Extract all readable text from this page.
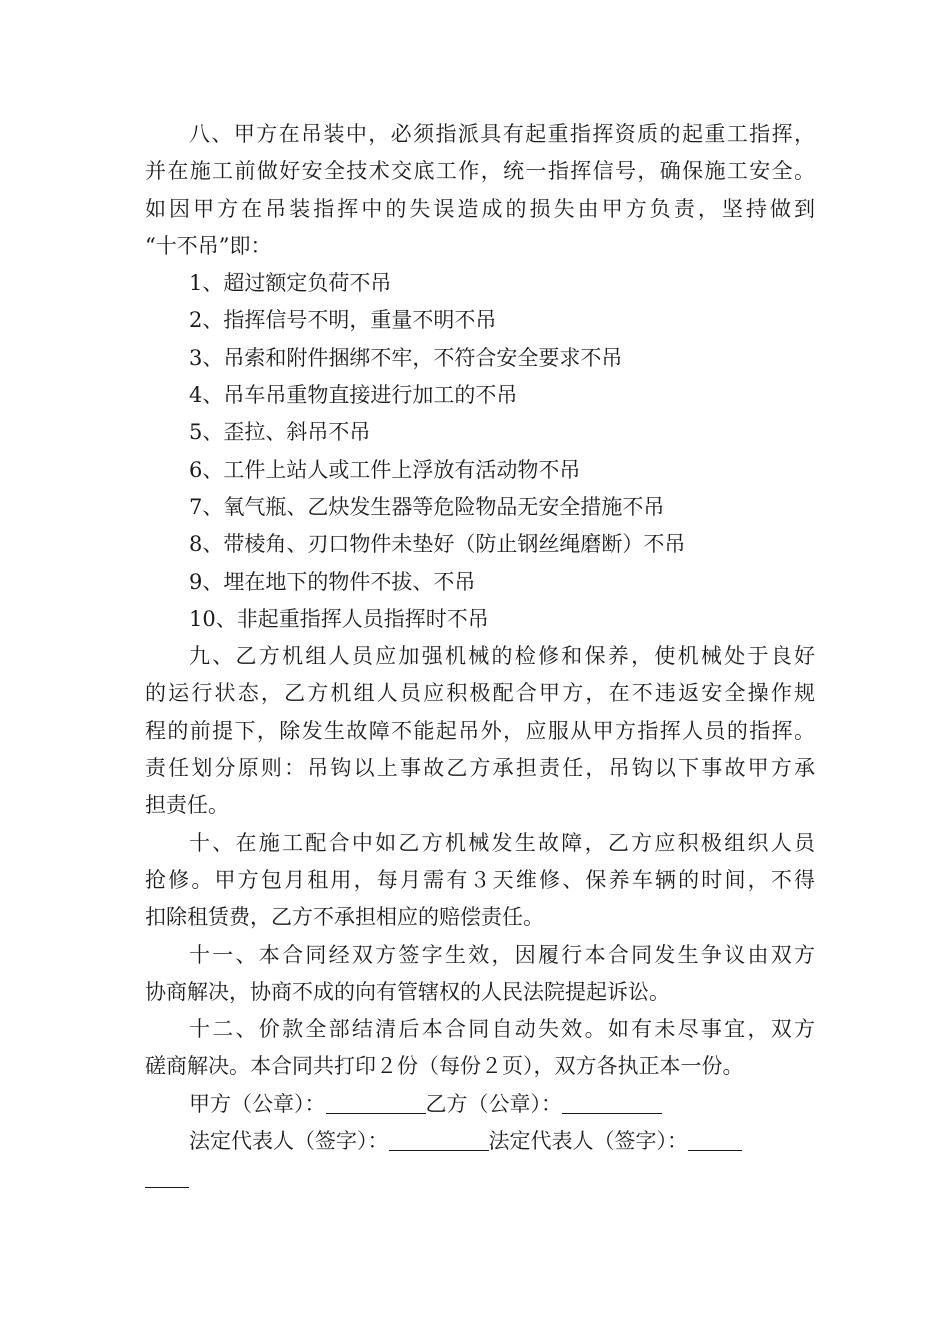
八、甲方在吊装中，必须指派具有起重指挥资质的起重工指挥，
并在施工前做好安全技术交底工作，统一指挥信号，确保施工安全。
如因甲方在吊装指挥中的失误造成的损失由甲方负责，坚持做到
“十不吊”即：
1、超过额定负荷不吊
2、指挥信号不明，重量不明不吊
3、吊索和附件捆绑不牢，不符合安全要求不吊
4、吊车吊重物直接进行加工的不吊
5、歪拉、斜吊不吊
6、工件上站人或工件上浮放有活动物不吊
7、氧气瓶、乙炔发生器等危险物品无安全措施不吊
8、带棱角、刃口物件未垫好（防止钢丝绳磨断）不吊
9、埋在地下的物件不拔、不吊
10、非起重指挥人员指挥时不吊
九、乙方机组人员应加强机械的检修和保养，使机械处于良好
的运行状态，乙方机组人员应积极配合甲方，在不违返安全操作规
程的前提下，除发生故障不能起吊外，应服从甲方指挥人员的指挥。
责任划分原则：吊钩以上事故乙方承担责任，吊钩以下事故甲方承
担责任。
十、在施工配合中如乙方机械发生故障，乙方应积极组织人员
抢修。甲方包月租用，每月需有３天维修、保养车辆的时间，不得
扣除租赁费，乙方不承担相应的赔偿责任。
十一、本合同经双方签字生效，因履行本合同发生争议由双方
协商解决，协商不成的向有管辖权的人民法院提起诉讼。
十二、价款全部结清后本合同自动失效。如有未尽事宜，双方
磋商解决。本合同共打印２份（每份２页），双方各执正本一份。
甲方（公章）：	乙方（公章）：
法定代表人（签字）：	法定代表人（签字）：
